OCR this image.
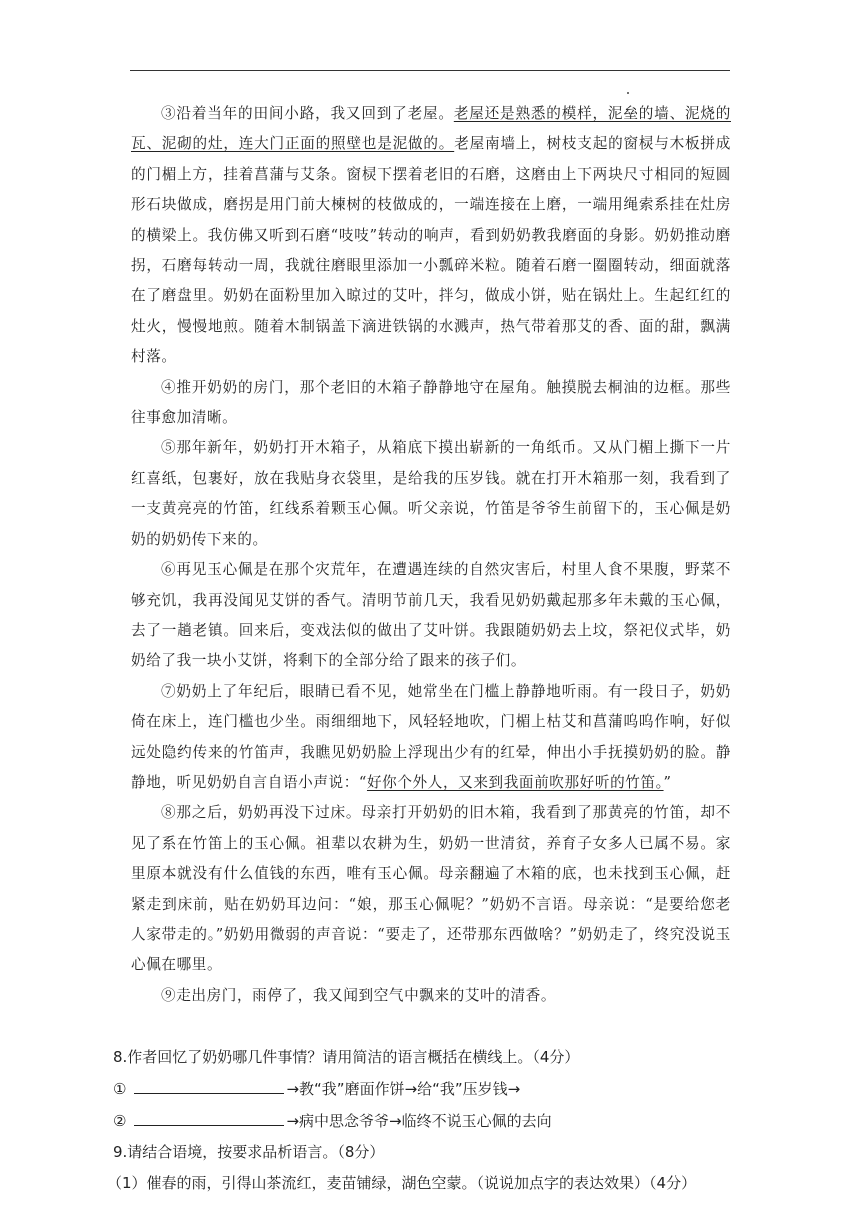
③沿着当年的田间小路，我又回到了老屋。老屋还是熟悉的模样，泥垒的墙、泥烧的瓦、泥砌的灶，连大门正面的照壁也是泥做的。老屋南墙上，树枝支起的窗棂与木板拼成的门楣上方，挂着菖蒲与艾条。窗棂下摆着老旧的石磨，这磨由上下两块尺寸相同的短圆形石块做成，磨拐是用门前大楝树的枝做成的，一端连接在上磨，一端用绳索系挂在灶房的横梁上。我仿佛又听到石磨“吱吱”转动的响声，看到奶奶教我磨面的身影。奶奶推动磨拐，石磨每转动一周，我就往磨眼里添加一小瓢碎米粒。随着石磨一圈圈转动，细面就落在了磨盘里。奶奶在面粉里加入晾过的艾叶，拌匀，做成小饼，贴在锅灶上。生起红红的灶火，慢慢地煎。随着木制锅盖下滴进铁锅的水溅声，热气带着那艾的香、面的甜，飘满村落。

④推开奶奶的房门，那个老旧的木箱子静静地守在屋角。触摸脱去桐油的边框。那些往事愈加清晰。

⑤那年新年，奶奶打开木箱子，从箱底下摸出崭新的一角纸币。又从门楣上撕下一片红喜纸，包裹好，放在我贴身衣袋里，是给我的压岁钱。就在打开木箱那一刻，我看到了一支黄亮亮的竹笛，红线系着颗玉心佩。听父亲说，竹笛是爷爷生前留下的，玉心佩是奶奶的奶奶传下来的。

⑥再见玉心佩是在那个灾荒年，在遭遇连续的自然灾害后，村里人食不果腹，野菜不够充饥，我再没闻见艾饼的香气。清明节前几天，我看见奶奶戴起那多年未戴的玉心佩，去了一趟老镇。回来后，变戏法似的做出了艾叶饼。我跟随奶奶去上坟，祭祀仪式毕，奶奶给了我一块小艾饼，将剩下的全部分给了跟来的孩子们。

⑦奶奶上了年纪后，眼睛已看不见，她常坐在门槛上静静地听雨。有一段日子，奶奶倚在床上，连门槛也少坐。雨细细地下，风轻轻地吹，门楣上枯艾和菖蒲呜呜作响，好似远处隐约传来的竹笛声，我瞧见奶奶脸上浮现出少有的红晕，伸出小手抚摸奶奶的脸。静静地，听见奶奶自言自语小声说：“好你个外人，又来到我面前吹那好听的竹笛。”

⑧那之后，奶奶再没下过床。母亲打开奶奶的旧木箱，我看到了那黄亮的竹笛，却不见了系在竹笛上的玉心佩。祖辈以农耕为生，奶奶一世清贫，养育子女多人已属不易。家里原本就没有什么值钱的东西，唯有玉心佩。母亲翻遍了木箱的底，也未找到玉心佩，赶紧走到床前，贴在奶奶耳边问：“娘，那玉心佩呢？”奶奶不言语。母亲说：“是要给您老人家带走的。”奶奶用微弱的声音说：“要走了，还带那东西做啥？”奶奶走了，终究没说玉心佩在哪里。

⑨走出房门，雨停了，我又闻到空气中飘来的艾叶的清香。

8.作者回忆了奶奶哪几件事情？请用简洁的语言概括在横线上。（4分）
①	→教“我”磨面作饼→给“我”压岁钱→
②	→病中思念爷爷→临终不说玉心佩的去向
9.请结合语境，按要求品析语言。（8分）
（1）催春的雨，引得山茶流红，麦苗铺绿，湖色空蒙。（说说加点字的表达效果）（4分）
